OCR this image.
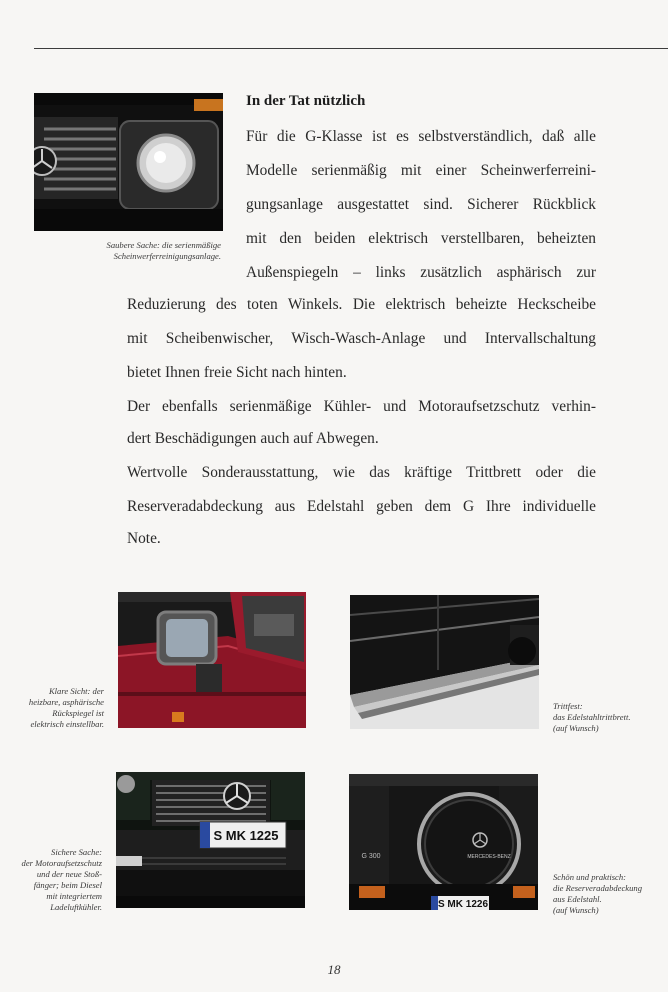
Saubere Sache: die serienmäßige
Scheinwerferreinigungsanlage.
In der Tat nützlich
Für die G-Klasse ist es selbstverständlich, daß alle
Modelle serienmäßig mit einer Scheinwerferreini-
gungsanlage ausgestattet sind. Sicherer Rückblick
mit den beiden elektrisch verstellbaren, beheizten
Außenspiegeln – links zusätzlich asphärisch zur
Reduzierung des toten Winkels. Die elektrisch beheizte Heckscheibe
mit Scheibenwischer, Wisch-Wasch-Anlage und Intervallschaltung
bietet Ihnen freie Sicht nach hinten.
Der ebenfalls serienmäßige Kühler- und Motoraufsetzschutz verhin-
dert Beschädigungen auch auf Abwegen.
Wertvolle Sonderausstattung, wie das kräftige Trittbrett oder die
Reserveradabdeckung aus Edelstahl geben dem G Ihre individuelle
Note.
Klare Sicht: der
heizbare, asphärische
Rückspiegel ist
elektrisch einstellbar.
Trittfest:
das Edelstahltrittbrett.
(auf Wunsch)
S MK 1225
Sichere Sache:
der Motoraufsetzschutz
und der neue Stoß-
fänger; beim Diesel
mit integriertem
Ladeluftkühler.
MERCEDES-BENZ
G 300
S MK 1226
Schön und praktisch:
die Reserveradabdeckung
aus Edelstahl.
(auf Wunsch)
18
